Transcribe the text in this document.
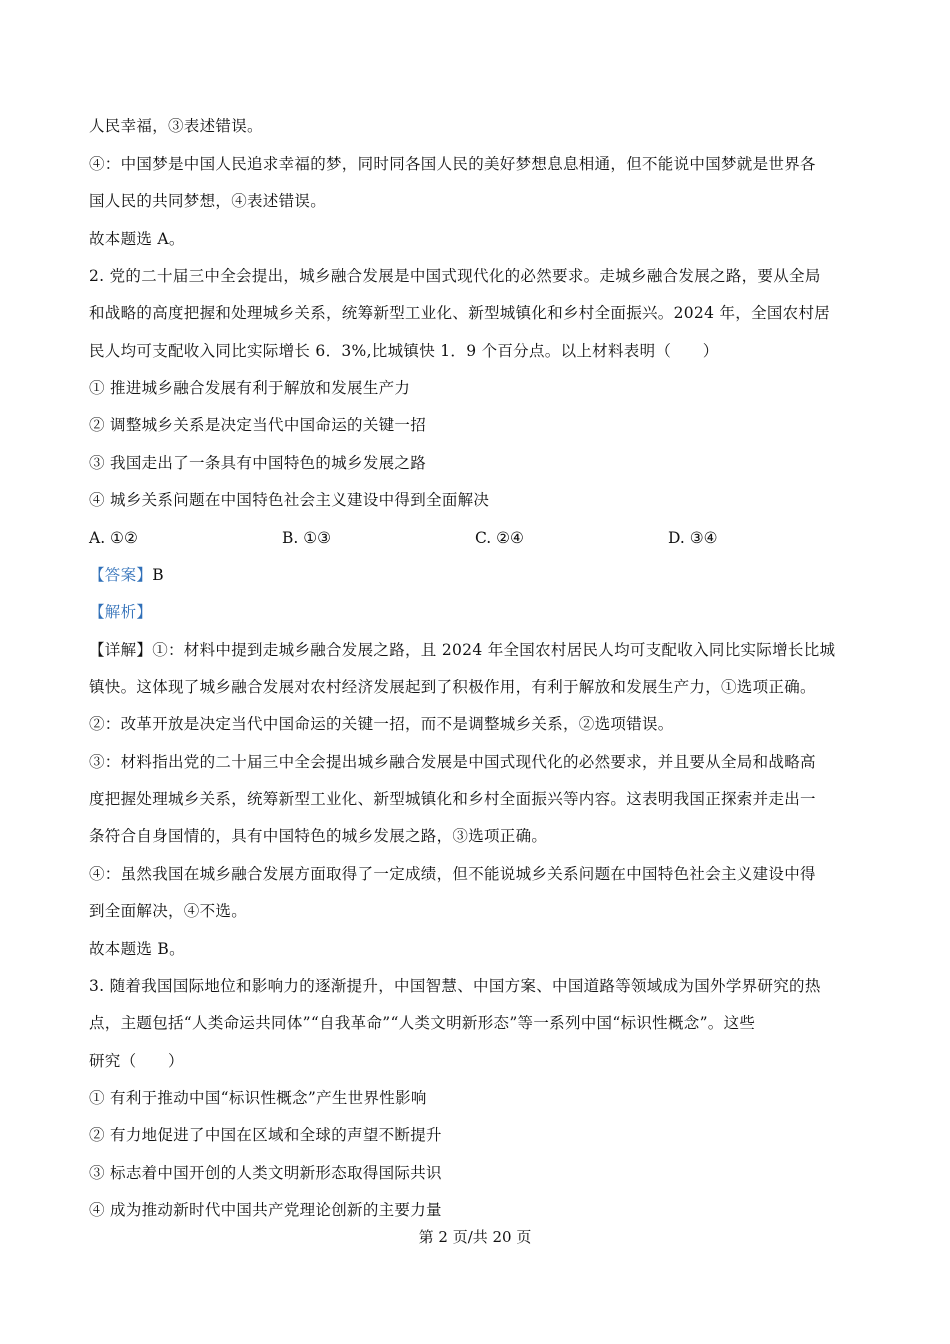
人民幸福，③表述错误。
④：中国梦是中国人民追求幸福的梦，同时同各国人民的美好梦想息息相通，但不能说中国梦就是世界各
国人民的共同梦想，④表述错误。
故本题选 A。
2. 党的二十届三中全会提出，城乡融合发展是中国式现代化的必然要求。走城乡融合发展之路，要从全局
和战略的高度把握和处理城乡关系，统筹新型工业化、新型城镇化和乡村全面振兴。2024 年，全国农村居
民人均可支配收入同比实际增长 6．3%,比城镇快 1．9 个百分点。以上材料表明（　　）
① 推进城乡融合发展有利于解放和发展生产力
② 调整城乡关系是决定当代中国命运的关键一招
③ 我国走出了一条具有中国特色的城乡发展之路
④ 城乡关系问题在中国特色社会主义建设中得到全面解决
A. ①②	B. ①③	C. ②④	D. ③④
【答案】B
【解析】
【详解】①：材料中提到走城乡融合发展之路，且 2024 年全国农村居民人均可支配收入同比实际增长比城
镇快。这体现了城乡融合发展对农村经济发展起到了积极作用，有利于解放和发展生产力，①选项正确。
②：改革开放是决定当代中国命运的关键一招，而不是调整城乡关系，②选项错误。
③：材料指出党的二十届三中全会提出城乡融合发展是中国式现代化的必然要求，并且要从全局和战略高
度把握处理城乡关系，统筹新型工业化、新型城镇化和乡村全面振兴等内容。这表明我国正探索并走出一
条符合自身国情的，具有中国特色的城乡发展之路，③选项正确。
④：虽然我国在城乡融合发展方面取得了一定成绩，但不能说城乡关系问题在中国特色社会主义建设中得
到全面解决，④不选。
故本题选 B。
3. 随着我国国际地位和影响力的逐渐提升，中国智慧、中国方案、中国道路等领域成为国外学界研究的热
点，主题包括“人类命运共同体”“自我革命”“人类文明新形态”等一系列中国“标识性概念”。这些
研究（　　）
① 有利于推动中国“标识性概念”产生世界性影响
② 有力地促进了中国在区域和全球的声望不断提升
③ 标志着中国开创的人类文明新形态取得国际共识
④ 成为推动新时代中国共产党理论创新的主要力量
第 2 页/共 20 页
